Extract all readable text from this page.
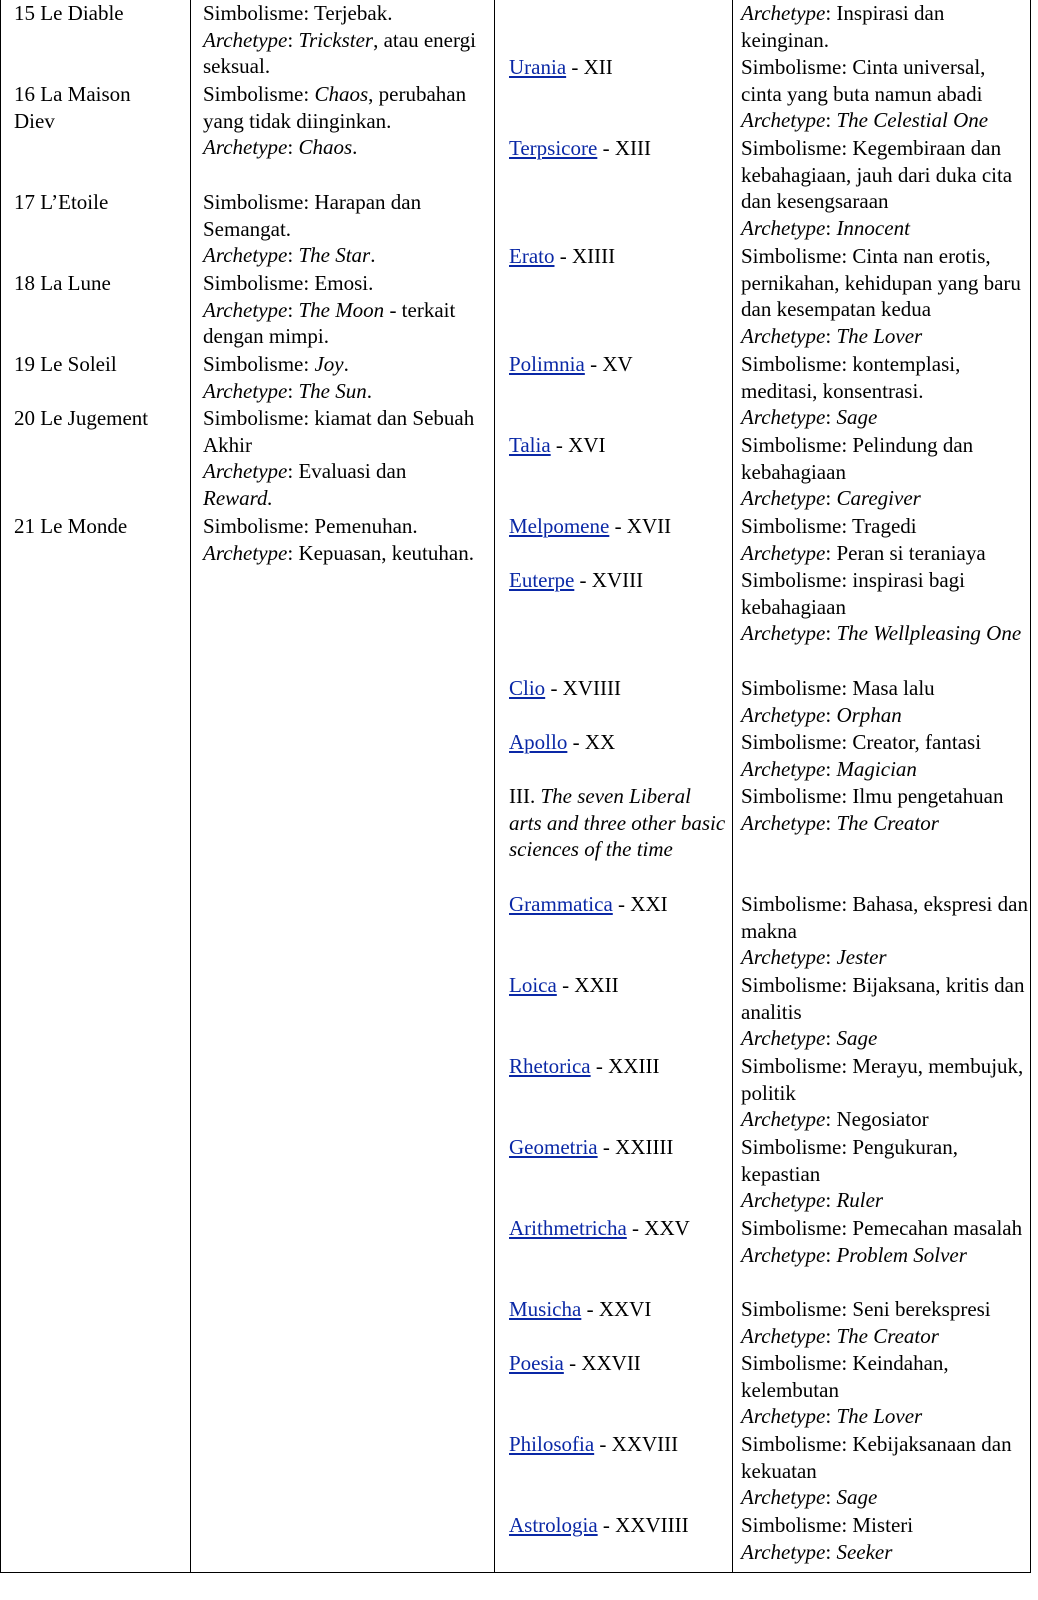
15 Le Diable

16 La Maison

Diev

17 L’Etoile

18 La Lune

19 Le Soleil

20 Le Jugement

21 Le Monde

Simbolisme: Terjebak.

Archetype: Trickster, atau energi seksual.

Simbolisme: Chaos, perubahan yang tidak diinginkan.

Archetype: Chaos.

Simbolisme: Harapan dan Semangat.

Archetype: The Star.

Simbolisme: Emosi.

Archetype: The Moon - terkait dengan mimpi.

Simbolisme: Joy.

Archetype: The Sun.

Simbolisme: kiamat dan Sebuah Akhir

Archetype: Evaluasi dan

Reward.

Simbolisme: Pemenuhan.

Archetype: Kepuasan, keutuhan.

Urania - XII

Terpsicore - XIII

Erato - XIIII

Polimnia - XV

Talia - XVI

Melpomene - XVII

Euterpe - XVIII

Clio - XVIIII

Apollo - XX

III. The seven Liberal arts and three other basic sciences of the time

Grammatica - XXI

Loica - XXII

Rhetorica - XXIII

Geometria - XXIIII

Arithmetricha - XXV

Musicha - XXVI

Poesia - XXVII

Philosofia - XXVIII

Astrologia - XXVIIII

Archetype: Inspirasi dan keinginan.

Simbolisme: Cinta universal, cinta yang buta namun abadi

Archetype: The Celestial One

Simbolisme: Kegembiraan dan kebahagiaan, jauh dari duka cita dan kesengsaraan

Archetype: Innocent

Simbolisme: Cinta nan erotis, pernikahan, kehidupan yang baru dan kesempatan kedua

Archetype: The Lover

Simbolisme: kontemplasi, meditasi, konsentrasi.

Archetype: Sage

Simbolisme: Pelindung dan kebahagiaan

Archetype: Caregiver

Simbolisme: Tragedi

Archetype: Peran si teraniaya

Simbolisme: inspirasi bagi kebahagiaan

Archetype: The Wellpleasing One

Simbolisme: Masa lalu

Archetype: Orphan

Simbolisme: Creator, fantasi

Archetype: Magician

Simbolisme: Ilmu pengetahuan

Archetype: The Creator

Simbolisme: Bahasa, ekspresi dan makna

Archetype: Jester

Simbolisme: Bijaksana, kritis dan analitis

Archetype: Sage

Simbolisme: Merayu, membujuk, politik

Archetype: Negosiator

Simbolisme: Pengukuran, kepastian

Archetype: Ruler

Simbolisme: Pemecahan masalah

Archetype: Problem Solver

Simbolisme: Seni berekspresi

Archetype: The Creator

Simbolisme: Keindahan, kelembutan

Archetype: The Lover

Simbolisme: Kebijaksanaan dan kekuatan

Archetype: Sage

Simbolisme: Misteri

Archetype: Seeker
